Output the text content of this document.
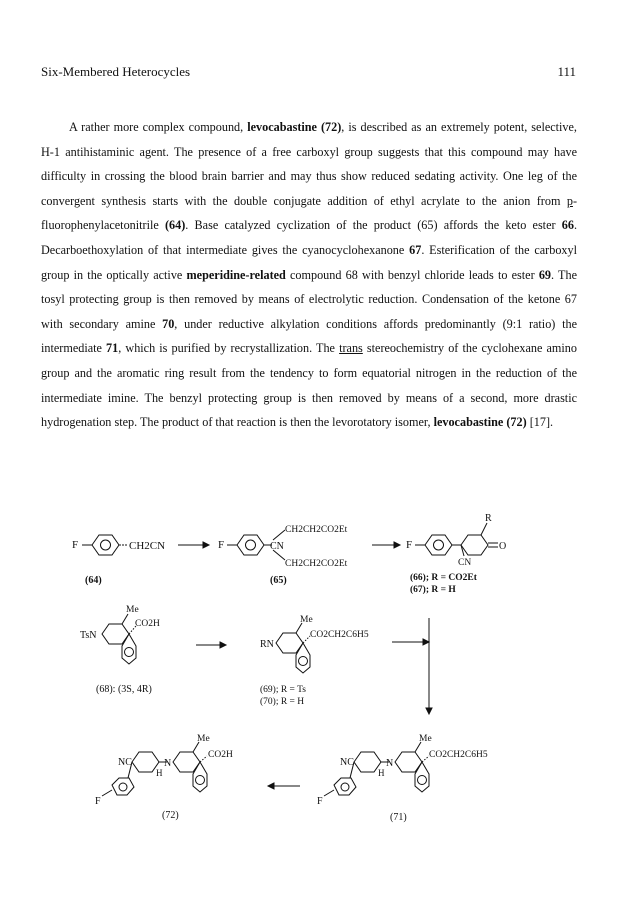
Six-Membered Heterocycles	111

A rather more complex compound, levocabastine (72), is described as an extremely potent, selective, H-1 antihistaminic agent. The presence of a free carboxyl group suggests that this compound may have difficulty in crossing the blood brain barrier and may thus show reduced sedating activity. One leg of the convergent synthesis starts with the double conjugate addition of ethyl acrylate to the anion from p-fluorophenylacetonitrile (64). Base catalyzed cyclization of the product (65) affords the keto ester 66. Decarboethoxylation of that intermediate gives the cyanocyclohexanone 67. Esterification of the carboxyl group in the optically active meperidine-related compound 68 with benzyl chloride leads to ester 69. The tosyl protecting group is then removed by means of electrolytic reduction. Condensation of the ketone 67 with secondary amine 70, under reductive alkylation conditions affords predominantly (9:1 ratio) the intermediate 71, which is purified by recrystallization. The trans stereochemistry of the cyclohexane amino group and the aromatic ring result from the tendency to form equatorial nitrogen in the reduction of the intermediate imine. The benzyl protecting group is then removed by means of a second, more drastic hydrogenation step. The product of that reaction is then the levorotatory isomer, levocabastine (72) [17].

F	CH2CN
(64)
F	CN
CH2CH2CO2Et
CH2CH2CO2Et
(65)
F
R
O
CN
(66); R = CO2Et
(67); R = H
TsN
Me
CO2H
(68): (3S, 4R)
RN
Me
CO2CH2C6H5
(69); R = Ts
(70); R = H
NC
F
N
H
Me
CO2H
(72)
NC
F
N
H
Me
CO2CH2C6H5
(71)
